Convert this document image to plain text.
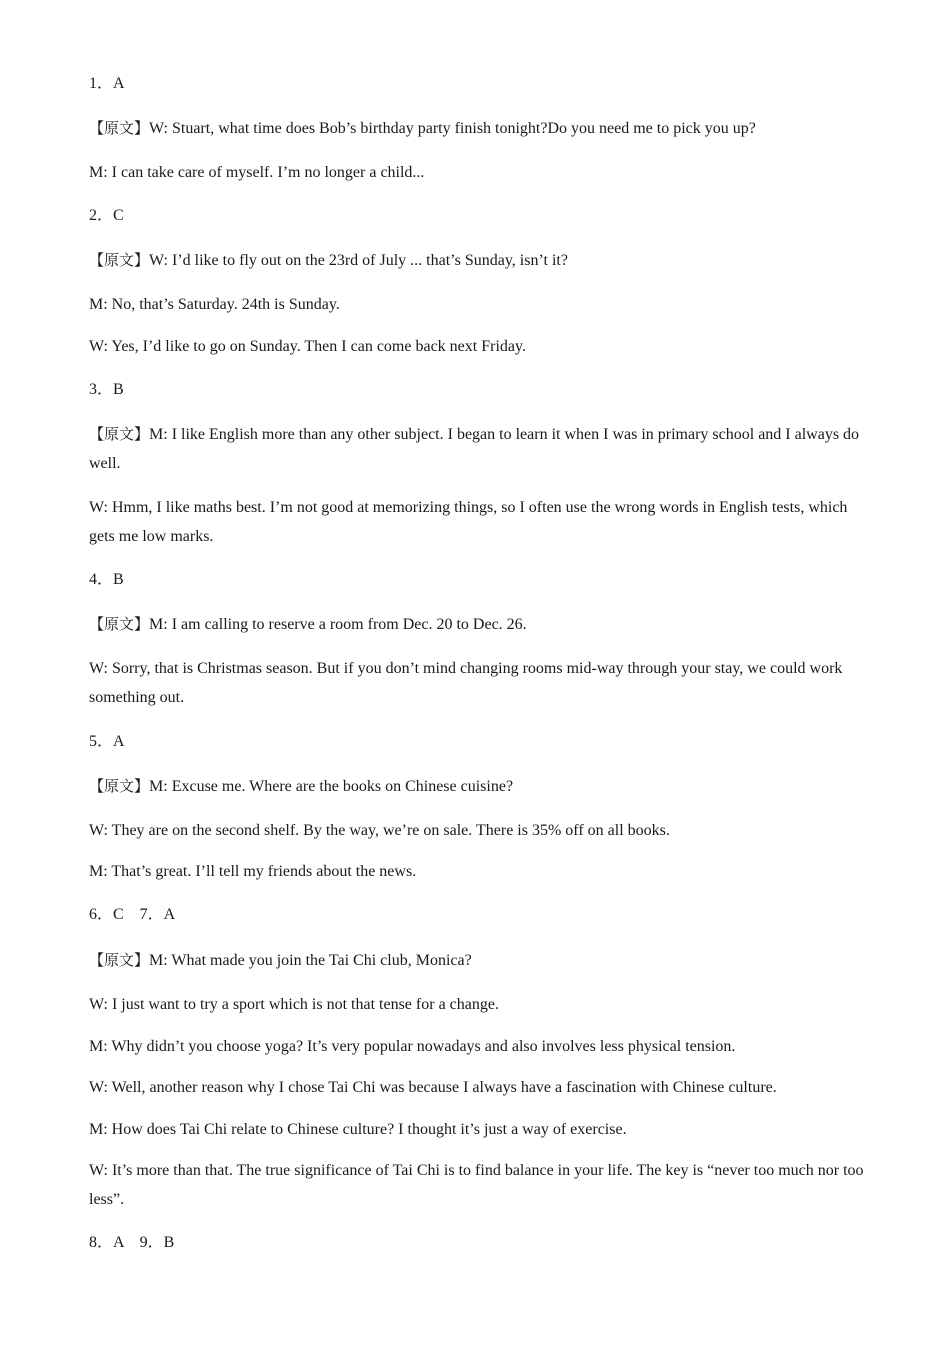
1．A
【原文】W: Stuart, what time does Bob’s birthday party finish tonight?Do you need me to pick you up?
M: I can take care of myself. I’m no longer a child...
2．C
【原文】W: I’d like to fly out on the 23rd of July ... that’s Sunday, isn’t it?
M: No, that’s Saturday. 24th is Sunday.
W: Yes, I’d like to go on Sunday. Then I can come back next Friday.
3．B
【原文】M: I like English more than any other subject. I began to learn it when I was in primary school and I always do well.
W: Hmm, I like maths best. I’m not good at memorizing things, so I often use the wrong words in English tests, which gets me low marks.
4．B
【原文】M: I am calling to reserve a room from Dec. 20 to Dec. 26.
W: Sorry, that is Christmas season. But if you don’t mind changing rooms mid-way through your stay, we could work something out.
5．A
【原文】M: Excuse me. Where are the books on Chinese cuisine?
W: They are on the second shelf. By the way, we’re on sale. There is 35% off on all books.
M: That’s great. I’ll tell my friends about the news.
6．C　7．A
【原文】M: What made you join the Tai Chi club, Monica?
W: I just want to try a sport which is not that tense for a change.
M: Why didn’t you choose yoga? It’s very popular nowadays and also involves less physical tension.
W: Well, another reason why I chose Tai Chi was because I always have a fascination with Chinese culture.
M: How does Tai Chi relate to Chinese culture? I thought it’s just a way of exercise.
W: It’s more than that. The true significance of Tai Chi is to find balance in your life. The key is “never too much nor too less”.
8．A　9．B
